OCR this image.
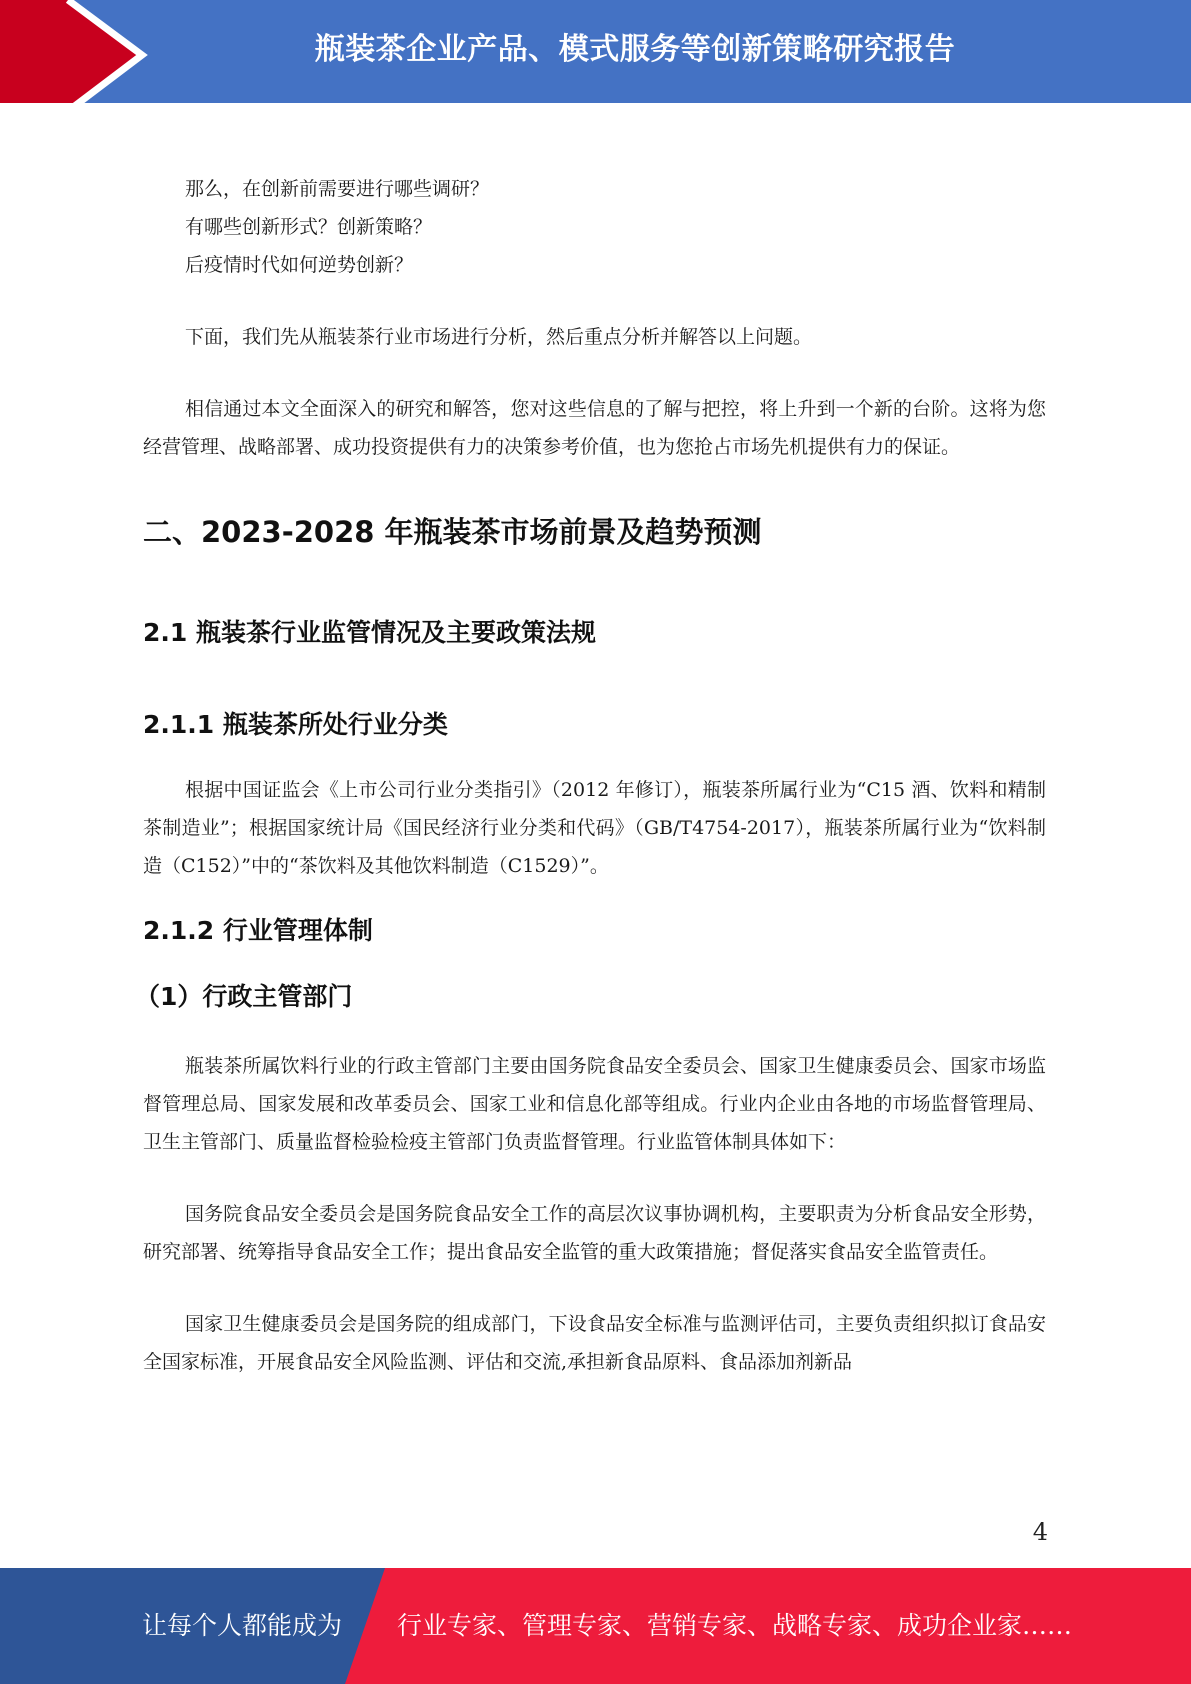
瓶装茶企业产品、模式服务等创新策略研究报告

那么，在创新前需要进行哪些调研？

有哪些创新形式？创新策略？

后疫情时代如何逆势创新？

下面，我们先从瓶装茶行业市场进行分析，然后重点分析并解答以上问题。

相信通过本文全面深入的研究和解答，您对这些信息的了解与把控，将上升到一个新的台阶。这将为您经营管理、战略部署、成功投资提供有力的决策参考价值，也为您抢占市场先机提供有力的保证。

二、2023-2028 年瓶装茶市场前景及趋势预测
2.1 瓶装茶行业监管情况及主要政策法规
2.1.1 瓶装茶所处行业分类

根据中国证监会《上市公司行业分类指引》（2012 年修订），瓶装茶所属行业为“C15 酒、饮料和精制茶制造业”；根据国家统计局《国民经济行业分类和代码》（GB/T4754-2017），瓶装茶所属行业为“饮料制造（C152）”中的“茶饮料及其他饮料制造（C1529）”。

2.1.2 行业管理体制
（1）行政主管部门

瓶装茶所属饮料行业的行政主管部门主要由国务院食品安全委员会、国家卫生健康委员会、国家市场监督管理总局、国家发展和改革委员会、国家工业和信息化部等组成。行业内企业由各地的市场监督管理局、卫生主管部门、质量监督检验检疫主管部门负责监督管理。行业监管体制具体如下：

国务院食品安全委员会是国务院食品安全工作的高层次议事协调机构，主要职责为分析食品安全形势，研究部署、统筹指导食品安全工作；提出食品安全监管的重大政策措施；督促落实食品安全监管责任。

国家卫生健康委员会是国务院的组成部门，下设食品安全标准与监测评估司，主要负责组织拟订食品安全国家标准，开展食品安全风险监测、评估和交流,承担新食品原料、食品添加剂新品

4
让每个人都能成为 行业专家、管理专家、营销专家、战略专家、成功企业家……
